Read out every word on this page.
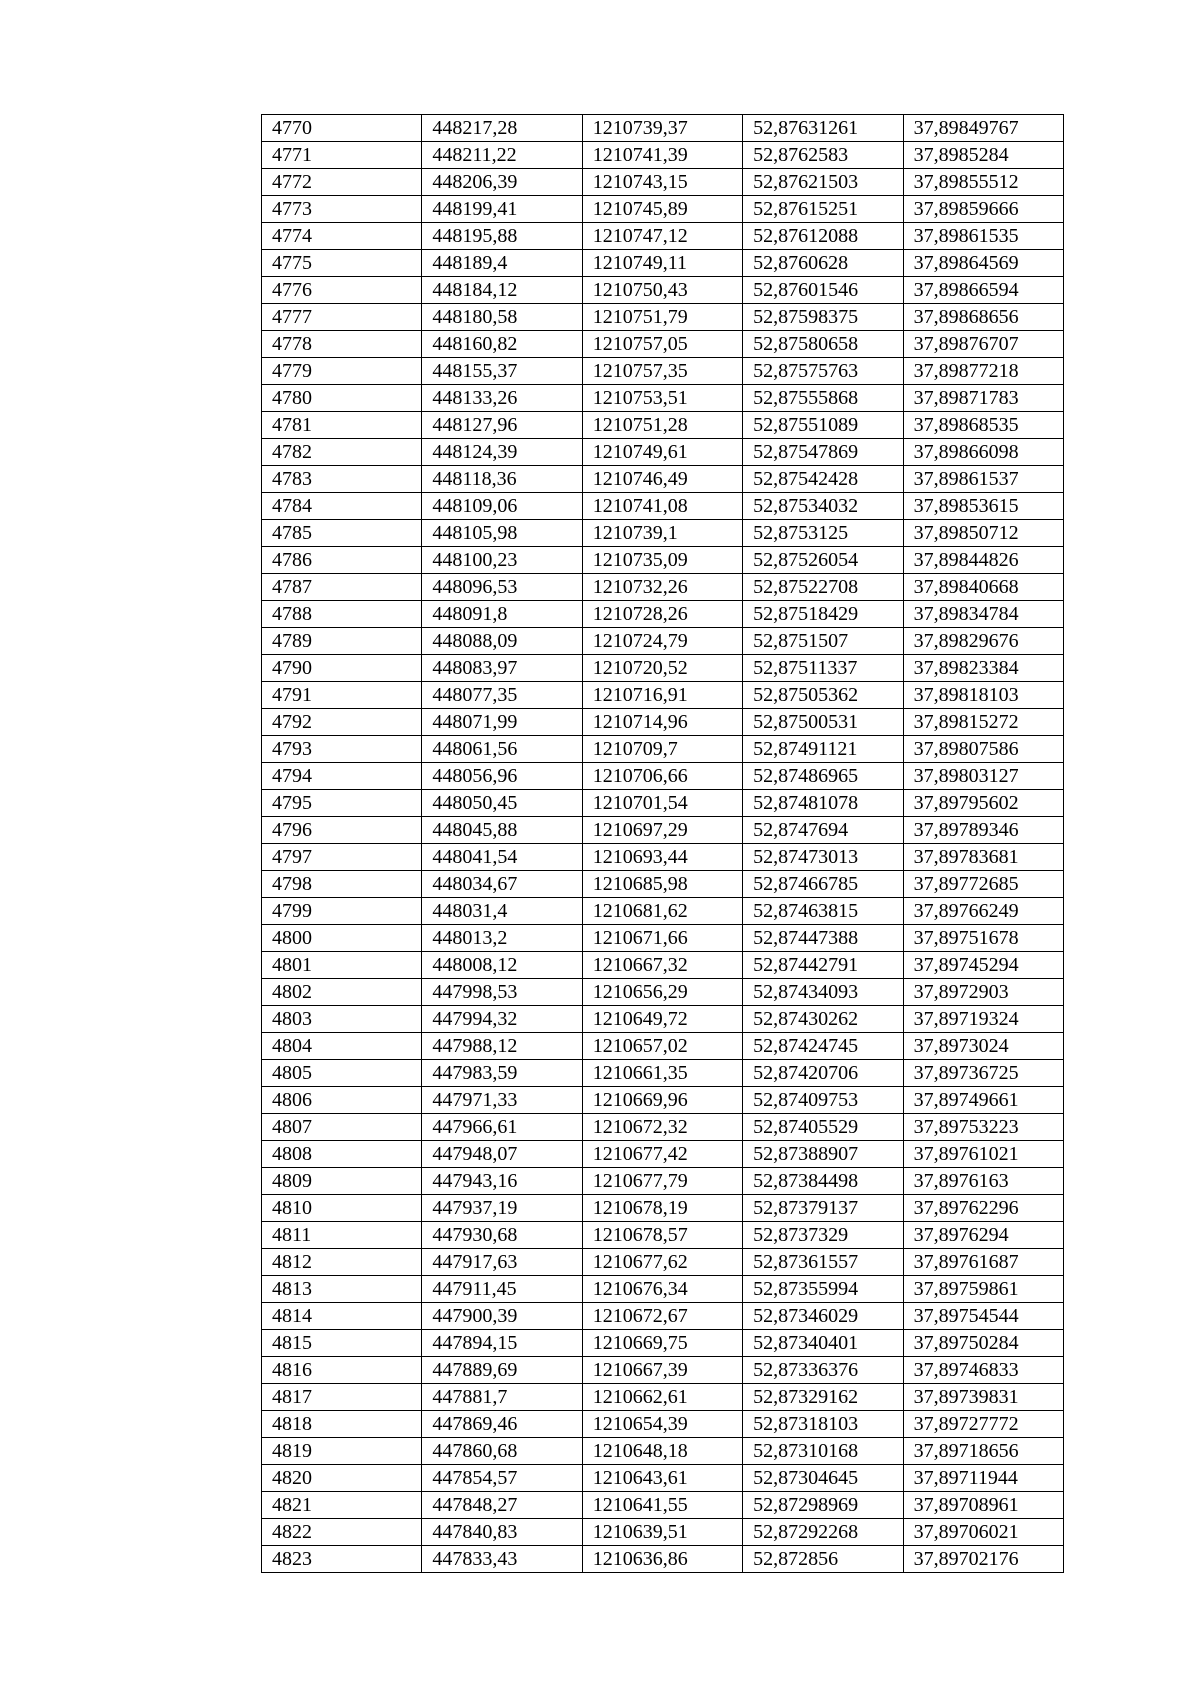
4770	448217,28	1210739,37	52,87631261	37,89849767
4771	448211,22	1210741,39	52,8762583	37,8985284
4772	448206,39	1210743,15	52,87621503	37,89855512
4773	448199,41	1210745,89	52,87615251	37,89859666
4774	448195,88	1210747,12	52,87612088	37,89861535
4775	448189,4	1210749,11	52,8760628	37,89864569
4776	448184,12	1210750,43	52,87601546	37,89866594
4777	448180,58	1210751,79	52,87598375	37,89868656
4778	448160,82	1210757,05	52,87580658	37,89876707
4779	448155,37	1210757,35	52,87575763	37,89877218
4780	448133,26	1210753,51	52,87555868	37,89871783
4781	448127,96	1210751,28	52,87551089	37,89868535
4782	448124,39	1210749,61	52,87547869	37,89866098
4783	448118,36	1210746,49	52,87542428	37,89861537
4784	448109,06	1210741,08	52,87534032	37,89853615
4785	448105,98	1210739,1	52,8753125	37,89850712
4786	448100,23	1210735,09	52,87526054	37,89844826
4787	448096,53	1210732,26	52,87522708	37,89840668
4788	448091,8	1210728,26	52,87518429	37,89834784
4789	448088,09	1210724,79	52,8751507	37,89829676
4790	448083,97	1210720,52	52,87511337	37,89823384
4791	448077,35	1210716,91	52,87505362	37,89818103
4792	448071,99	1210714,96	52,87500531	37,89815272
4793	448061,56	1210709,7	52,87491121	37,89807586
4794	448056,96	1210706,66	52,87486965	37,89803127
4795	448050,45	1210701,54	52,87481078	37,89795602
4796	448045,88	1210697,29	52,8747694	37,89789346
4797	448041,54	1210693,44	52,87473013	37,89783681
4798	448034,67	1210685,98	52,87466785	37,89772685
4799	448031,4	1210681,62	52,87463815	37,89766249
4800	448013,2	1210671,66	52,87447388	37,89751678
4801	448008,12	1210667,32	52,87442791	37,89745294
4802	447998,53	1210656,29	52,87434093	37,8972903
4803	447994,32	1210649,72	52,87430262	37,89719324
4804	447988,12	1210657,02	52,87424745	37,8973024
4805	447983,59	1210661,35	52,87420706	37,89736725
4806	447971,33	1210669,96	52,87409753	37,89749661
4807	447966,61	1210672,32	52,87405529	37,89753223
4808	447948,07	1210677,42	52,87388907	37,89761021
4809	447943,16	1210677,79	52,87384498	37,8976163
4810	447937,19	1210678,19	52,87379137	37,89762296
4811	447930,68	1210678,57	52,8737329	37,8976294
4812	447917,63	1210677,62	52,87361557	37,89761687
4813	447911,45	1210676,34	52,87355994	37,89759861
4814	447900,39	1210672,67	52,87346029	37,89754544
4815	447894,15	1210669,75	52,87340401	37,89750284
4816	447889,69	1210667,39	52,87336376	37,89746833
4817	447881,7	1210662,61	52,87329162	37,89739831
4818	447869,46	1210654,39	52,87318103	37,89727772
4819	447860,68	1210648,18	52,87310168	37,89718656
4820	447854,57	1210643,61	52,87304645	37,89711944
4821	447848,27	1210641,55	52,87298969	37,89708961
4822	447840,83	1210639,51	52,87292268	37,89706021
4823	447833,43	1210636,86	52,872856	37,89702176
